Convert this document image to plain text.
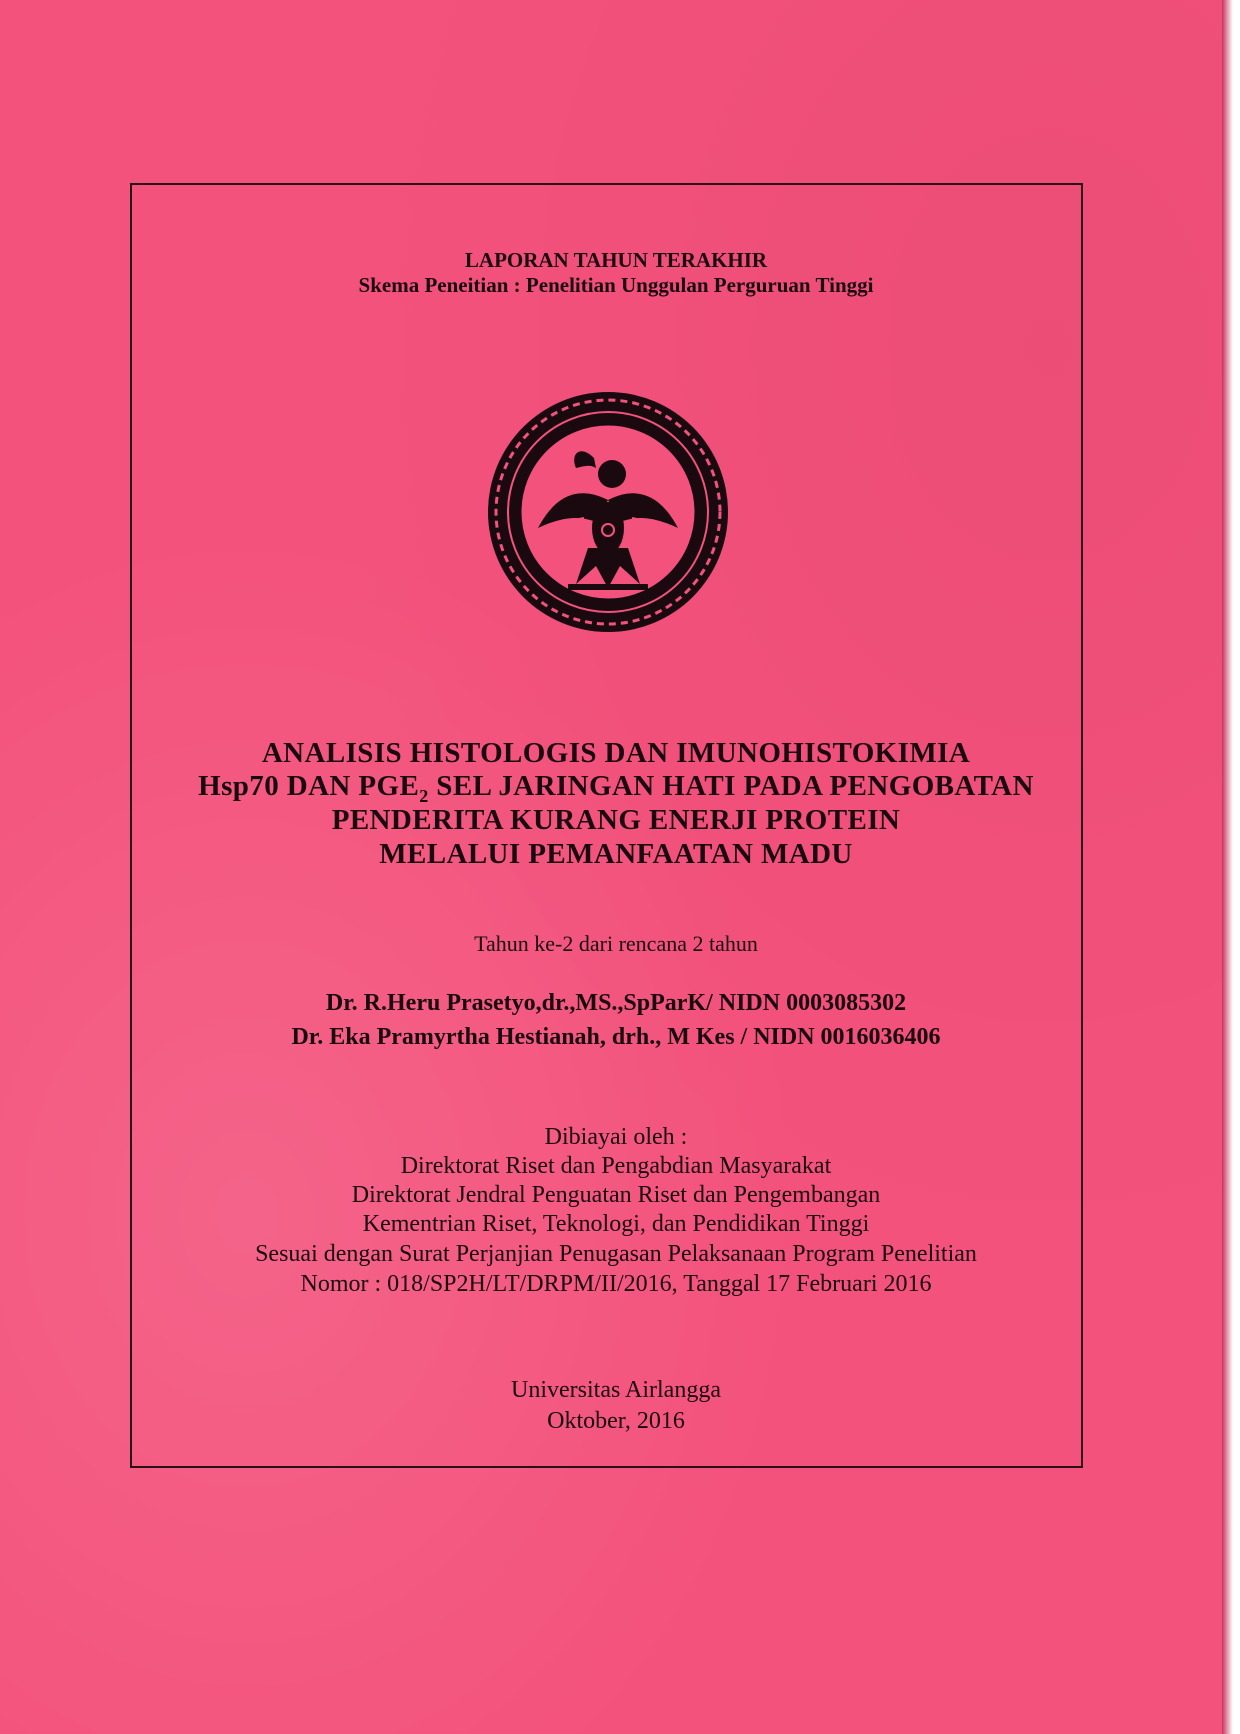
LAPORAN TAHUN TERAKHIR
Skema Peneitian : Penelitian Unggulan Perguruan Tinggi
ANALISIS HISTOLOGIS DAN IMUNOHISTOKIMIA
Hsp70 DAN $PGE_2$ SEL JARINGAN HATI PADA PENGOBATAN
PENDERITA KURANG ENERJI PROTEIN
MELALUI PEMANFAATAN MADU
Tahun ke-2 dari rencana 2 tahun
Dr. R.Heru Prasetyo,dr.,MS.,SpParK/ NIDN 0003085302
Dr. Eka Pramyrtha Hestianah, drh., M Kes / NIDN 0016036406
Dibiayai oleh :
Direktorat Riset dan Pengabdian Masyarakat
Direktorat Jendral Penguatan Riset dan Pengembangan
Kementrian Riset, Teknologi, dan Pendidikan Tinggi
Sesuai dengan Surat Perjanjian Penugasan Pelaksanaan Program Penelitian
Nomor : 018/SP2H/LT/DRPM/II/2016, Tanggal 17 Februari 2016
Universitas Airlangga
Oktober, 2016
